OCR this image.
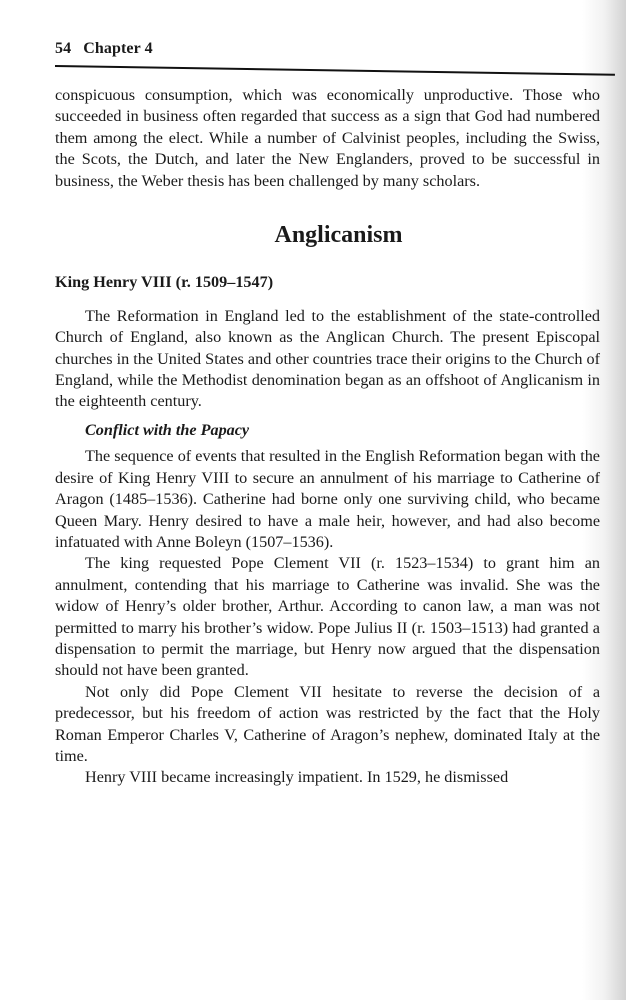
54 Chapter 4

conspicuous consumption, which was economically unproductive. Those who succeeded in business often regarded that success as a sign that God had numbered them among the elect. While a number of Calvinist peoples, including the Swiss, the Scots, the Dutch, and later the New Englanders, proved to be successful in business, the Weber thesis has been challenged by many scholars.

Anglicanism
King Henry VIII (r. 1509–1547)

The Reformation in England led to the establishment of the state-controlled Church of England, also known as the Anglican Church. The present Episcopal churches in the United States and other countries trace their origins to the Church of England, while the Methodist denomination began as an offshoot of Anglicanism in the eighteenth century.

Conflict with the Papacy

The sequence of events that resulted in the English Reformation began with the desire of King Henry VIII to secure an annulment of his marriage to Catherine of Aragon (1485–1536). Catherine had borne only one surviving child, who became Queen Mary. Henry desired to have a male heir, however, and had also become infatuated with Anne Boleyn (1507–1536).

The king requested Pope Clement VII (r. 1523–1534) to grant him an annulment, contending that his marriage to Catherine was invalid. She was the widow of Henry’s older brother, Arthur. According to canon law, a man was not permitted to marry his brother’s widow. Pope Julius II (r. 1503–1513) had granted a dispensation to permit the marriage, but Henry now argued that the dispensation should not have been granted.

Not only did Pope Clement VII hesitate to reverse the decision of a predecessor, but his freedom of action was restricted by the fact that the Holy Roman Emperor Charles V, Catherine of Aragon’s nephew, dominated Italy at the time.

Henry VIII became increasingly impatient. In 1529, he dismissed
